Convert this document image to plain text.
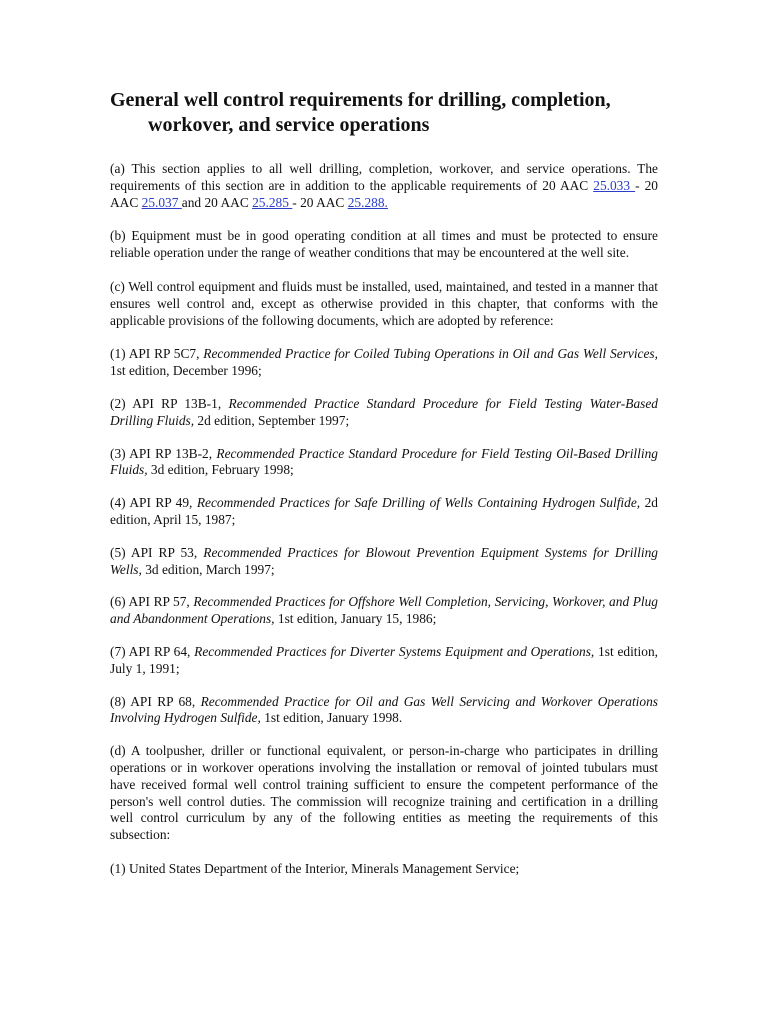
General well control requirements for drilling, completion, workover, and service operations

(a) This section applies to all well drilling, completion, workover, and service operations. The requirements of this section are in addition to the applicable requirements of 20 AAC 25.033 - 20 AAC 25.037 and 20 AAC 25.285 - 20 AAC 25.288.

(b) Equipment must be in good operating condition at all times and must be protected to ensure reliable operation under the range of weather conditions that may be encountered at the well site.

(c) Well control equipment and fluids must be installed, used, maintained, and tested in a manner that ensures well control and, except as otherwise provided in this chapter, that conforms with the applicable provisions of the following documents, which are adopted by reference:

(1) API RP 5C7, Recommended Practice for Coiled Tubing Operations in Oil and Gas Well Services, 1st edition, December 1996;

(2) API RP 13B-1, Recommended Practice Standard Procedure for Field Testing Water-Based Drilling Fluids, 2d edition, September 1997;

(3) API RP 13B-2, Recommended Practice Standard Procedure for Field Testing Oil-Based Drilling Fluids, 3d edition, February 1998;

(4) API RP 49, Recommended Practices for Safe Drilling of Wells Containing Hydrogen Sulfide, 2d edition, April 15, 1987;

(5) API RP 53, Recommended Practices for Blowout Prevention Equipment Systems for Drilling Wells, 3d edition, March 1997;

(6) API RP 57, Recommended Practices for Offshore Well Completion, Servicing, Workover, and Plug and Abandonment Operations, 1st edition, January 15, 1986;

(7) API RP 64, Recommended Practices for Diverter Systems Equipment and Operations, 1st edition, July 1, 1991;

(8) API RP 68, Recommended Practice for Oil and Gas Well Servicing and Workover Operations Involving Hydrogen Sulfide, 1st edition, January 1998.

(d) A toolpusher, driller or functional equivalent, or person-in-charge who participates in drilling operations or in workover operations involving the installation or removal of jointed tubulars must have received formal well control training sufficient to ensure the competent performance of the person's well control duties. The commission will recognize training and certification in a drilling well control curriculum by any of the following entities as meeting the requirements of this subsection:

(1) United States Department of the Interior, Minerals Management Service;
